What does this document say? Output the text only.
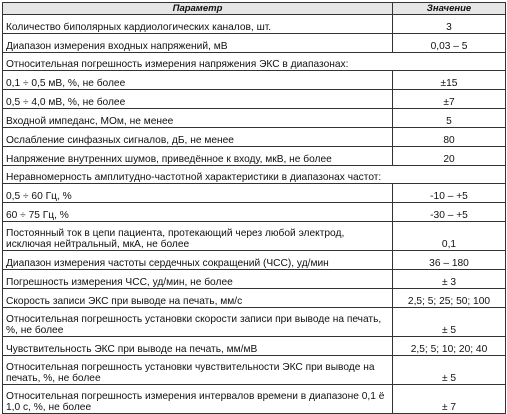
Параметр	Значение
Количество биполярных кардиологических каналов, шт.	3
Диапазон измерения входных напряжений, мВ	0,03 – 5
Относительная погрешность измерения напряжения ЭКС в диапазонах:	
0,1 ÷ 0,5 мВ, %, не более	±15
0,5 ÷ 4,0 мВ, %, не более	±7
Входной импеданс, МОм, не менее	5
Ослабление синфазных сигналов, дБ, не менее	80
Напряжение внутренних шумов, приведённое к входу, мкВ, не более	20
Неравномерность амплитудно-частотной характеристики в диапазонах частот:	
0,5 ÷ 60 Гц, %	-10 – +5
60 ÷ 75 Гц, %	-30 – +5
Постоянный ток в цепи пациента, протекающий через любой электрод, исключая нейтральный, мкА, не более	0,1
Диапазон измерения частоты сердечных сокращений (ЧСС), уд/мин	36 – 180
Погрешность измерения ЧСС, уд/мин, не более	± 3
Скорость записи ЭКС при выводе на печать, мм/с	2,5; 5; 25; 50; 100
Относительная погрешность установки скорости записи при выводе на печать, %, не более	± 5
Чувствительность ЭКС при выводе на печать, мм/мВ	2,5; 5; 10; 20; 40
Относительная погрешность установки чувствительности ЭКС при выводе на печать, %, не более	± 5
Относительная погрешность измерения интервалов времени в диапазоне 0,1 ё 1,0 с, %, не более	± 7
